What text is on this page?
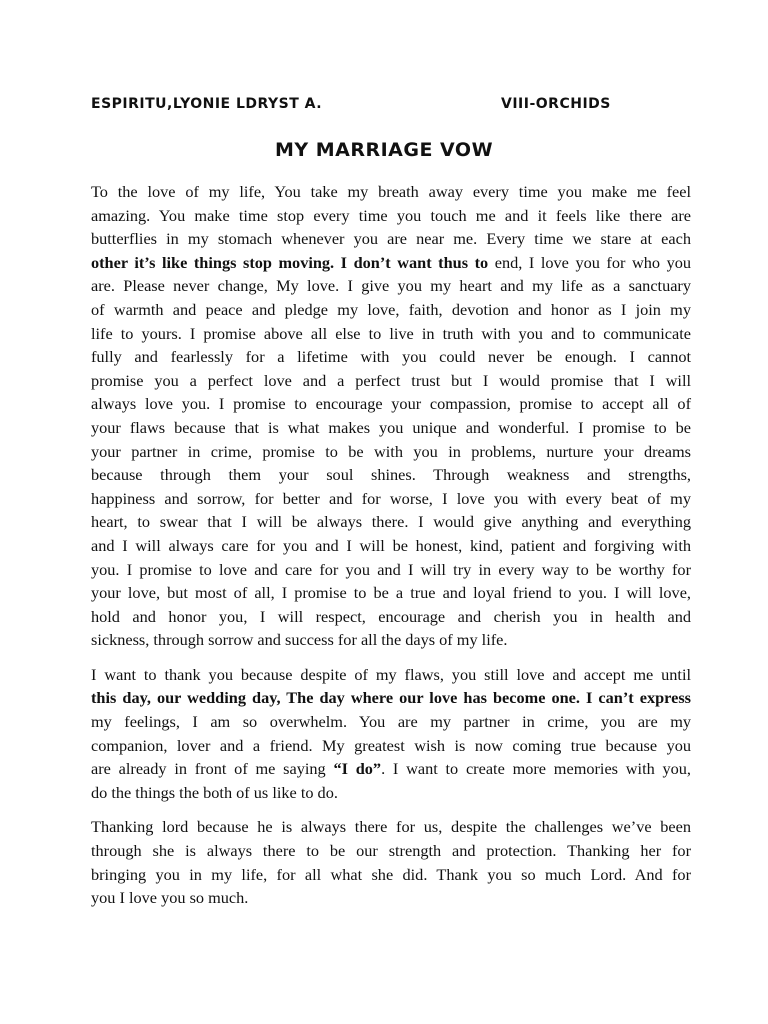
ESPIRITU,LYONIE LDRYST A.	VIII-ORCHIDS
MY MARRIAGE VOW

To the love of my life, You take my breath away every time you make me feel
amazing. You make time stop every time you touch me and it feels like there are
butterflies in my stomach whenever you are near me. Every time we stare at each
other it’s like things stop moving. I don’t want thus to end, I love you for who you
are. Please never change, My love. I give you my heart and my life as a sanctuary
of warmth and peace and pledge my love, faith, devotion and honor as I join my
life to yours. I promise above all else to live in truth with you and to communicate
fully and fearlessly for a lifetime with you could never be enough. I cannot
promise you a perfect love and a perfect trust but I would promise that I will
always love you. I promise to encourage your compassion, promise to accept all of
your flaws because that is what makes you unique and wonderful. I promise to be
your partner in crime, promise to be with you in problems, nurture your dreams
because through them your soul shines. Through weakness and strengths,
happiness and sorrow, for better and for worse, I love you with every beat of my
heart, to swear that I will be always there. I would give anything and everything
and I will always care for you and I will be honest, kind, patient and forgiving with
you. I promise to love and care for you and I will try in every way to be worthy for
your love, but most of all, I promise to be a true and loyal friend to you. I will love,
hold and honor you, I will respect, encourage and cherish you in health and
sickness, through sorrow and success for all the days of my life.

I want to thank you because despite of my flaws, you still love and accept me until
this day, our wedding day, The day where our love has become one. I can’t express
my feelings, I am so overwhelm. You are my partner in crime, you are my
companion, lover and a friend. My greatest wish is now coming true because you
are already in front of me saying “I do”. I want to create more memories with you,
do the things the both of us like to do.

Thanking lord because he is always there for us, despite the challenges we’ve been
through she is always there to be our strength and protection. Thanking her for
bringing you in my life, for all what she did. Thank you so much Lord. And for
you I love you so much.
